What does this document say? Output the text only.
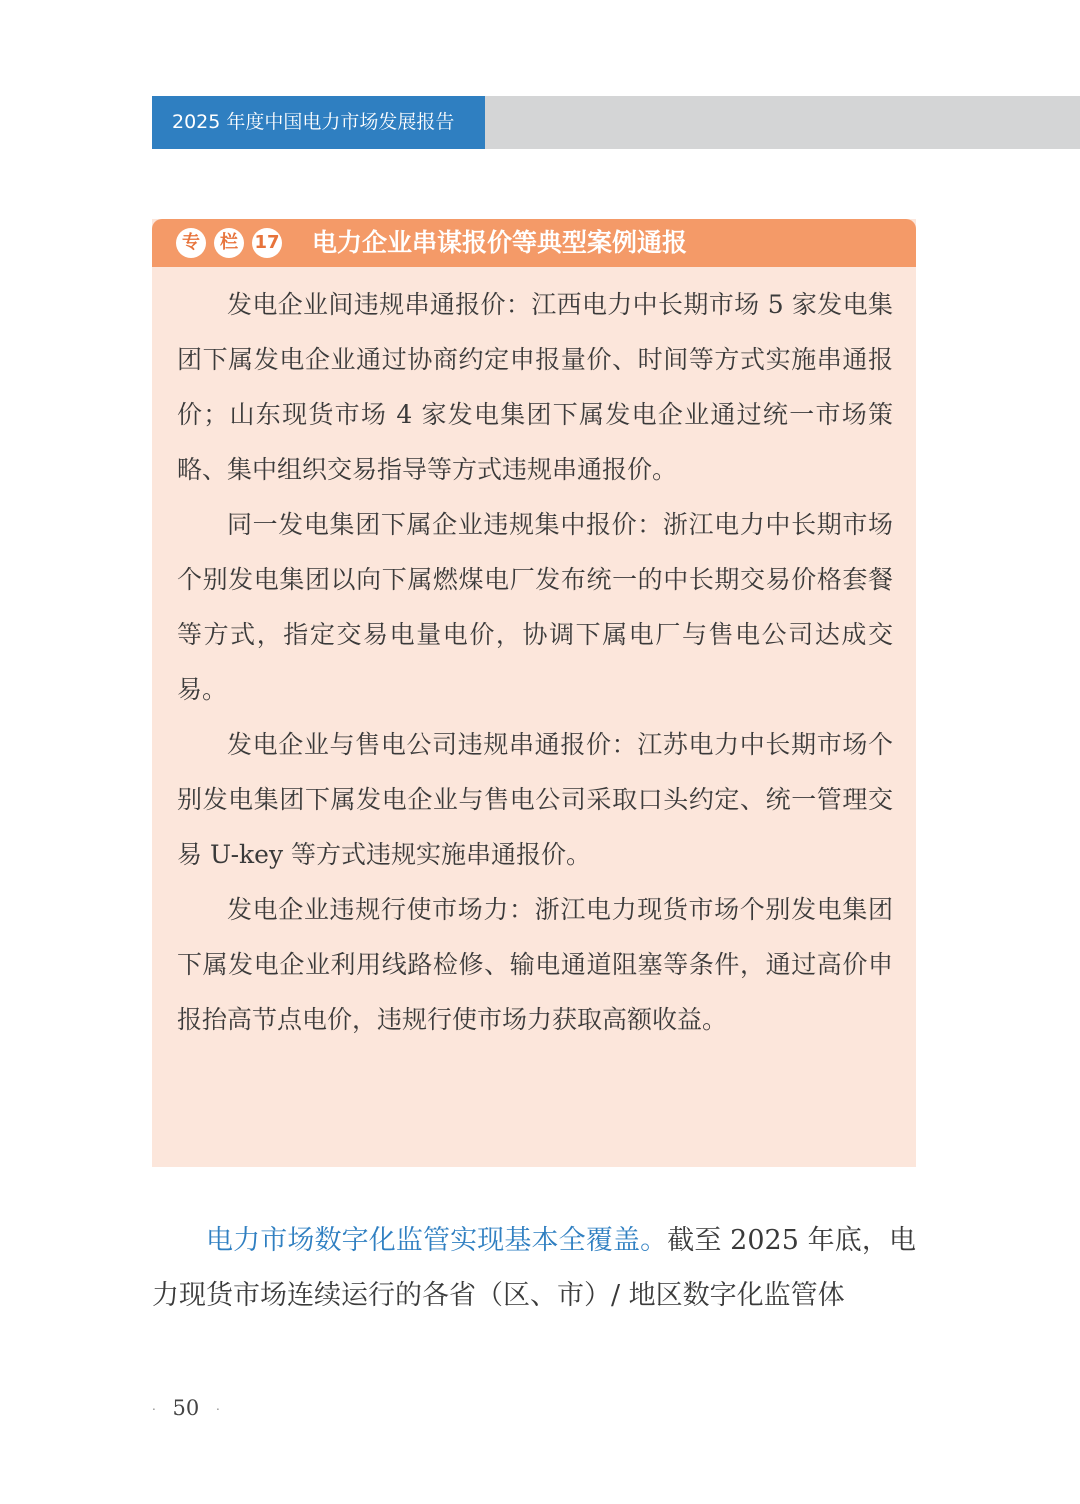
2025 年度中国电力市场发展报告
专	栏 17 电力企业串谋报价等典型案例通报

发电企业间违规串通报价：江西电力中长期市场 5 家发电集团下属发电企业通过协商约定申报量价、时间等方式实施串通报价；山东现货市场 4 家发电集团下属发电企业通过统一市场策略、集中组织交易指导等方式违规串通报价。

同一发电集团下属企业违规集中报价：浙江电力中长期市场个别发电集团以向下属燃煤电厂发布统一的中长期交易价格套餐等方式，指定交易电量电价，协调下属电厂与售电公司达成交易。

发电企业与售电公司违规串通报价：江苏电力中长期市场个别发电集团下属发电企业与售电公司采取口头约定、统一管理交易 U-key 等方式违规实施串通报价。

发电企业违规行使市场力：浙江电力现货市场个别发电集团下属发电企业利用线路检修、输电通道阻塞等条件，通过高价申报抬高节点电价，违规行使市场力获取高额收益。

电力市场数字化监管实现基本全覆盖。截至 2025 年底，电力现货市场连续运行的各省（区、市）/ 地区数字化监管体

· 50 ·
